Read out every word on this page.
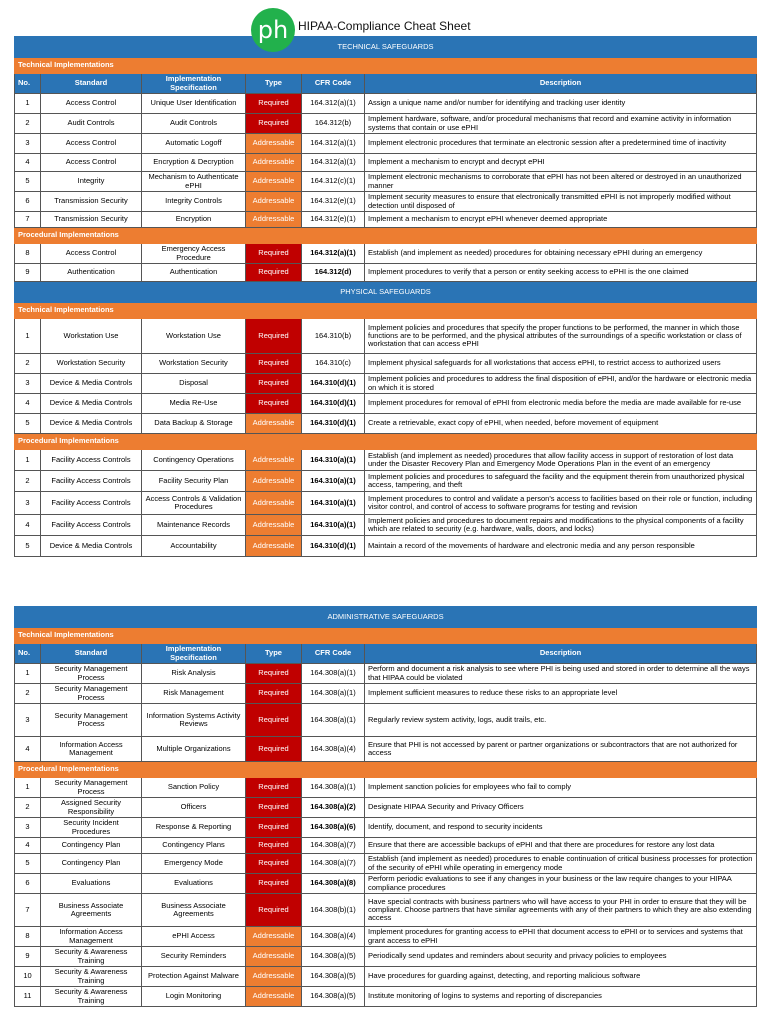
ph HIPAA-Compliance Cheat Sheet
TECHNICAL SAFEGUARDS					
Technical Implementations					
No.	Standard	Implementation Specification	Type	CFR Code	Description
1	Access Control	Unique User Identification	Required	164.312(a)(1)	Assign a unique name and/or number for identifying and tracking user identity
2	Audit Controls	Audit Controls	Required	164.312(b)	Implement hardware, software, and/or procedural mechanisms that record and examine activity in information systems that contain or use ePHI
3	Access Control	Automatic Logoff	Addressable	164.312(a)(1)	Implement electronic procedures that terminate an electronic session after a predetermined time of inactivity
4	Access Control	Encryption & Decryption	Addressable	164.312(a)(1)	Implement a mechanism to encrypt and decrypt ePHI
5	Integrity	Mechanism to Authenticate ePHI	Addressable	164.312(c)(1)	Implement electronic mechanisms to corroborate that ePHI has not been altered or destroyed in an unauthorized manner
6	Transmission Security	Integrity Controls	Addressable	164.312(e)(1)	Implement security measures to ensure that electronically transmitted ePHI is not improperly modified without detection until disposed of
7	Transmission Security	Encryption	Addressable	164.312(e)(1)	Implement a mechanism to encrypt ePHI whenever deemed appropriate
Procedural Implementations					
8	Access Control	Emergency Access Procedure	Required	164.312(a)(1)	Establish (and implement as needed) procedures for obtaining necessary ePHI during an emergency
9	Authentication	Authentication	Required	164.312(d)	Implement procedures to verify that a person or entity seeking access to ePHI is the one claimed
PHYSICAL SAFEGUARDS					
Technical Implementations					
1	Workstation Use	Workstation Use	Required	164.310(b)	Implement policies and procedures that specify the proper functions to be performed, the manner in which those functions are to be performed, and the physical attributes of the surroundings of a specific workstation or class of workstation that can access ePHI
2	Workstation Security	Workstation Security	Required	164.310(c)	Implement physical safeguards for all workstations that access ePHI, to restrict access to authorized users
3	Device & Media Controls	Disposal	Required	164.310(d)(1)	Implement policies and procedures to address the final disposition of ePHI, and/or the hardware or electronic media on which it is stored
4	Device & Media Controls	Media Re-Use	Required	164.310(d)(1)	Implement procedures for removal of ePHI from electronic media before the media are made available for re-use
5	Device & Media Controls	Data Backup & Storage	Addressable	164.310(d)(1)	Create a retrievable, exact copy of ePHI, when needed, before movement of equipment
Procedural Implementations					
1	Facility Access Controls	Contingency Operations	Addressable	164.310(a)(1)	Establish (and implement as needed) procedures that allow facility access in support of restoration of lost data under the Disaster Recovery Plan and Emergency Mode Operations Plan in the event of an emergency
2	Facility Access Controls	Facility Security Plan	Addressable	164.310(a)(1)	Implement policies and procedures to safeguard the facility and the equipment therein from unauthorized physical access, tampering, and theft
3	Facility Access Controls	Access Controls & Validation Procedures	Addressable	164.310(a)(1)	Implement procedures to control and validate a person's access to facilities based on their role or function, including visitor control, and control of access to software programs for testing and revision
4	Facility Access Controls	Maintenance Records	Addressable	164.310(a)(1)	Implement policies and procedures to document repairs and modifications to the physical components of a facility which are related to security (e.g. hardware, walls, doors, and locks)
5	Device & Media Controls	Accountability	Addressable	164.310(d)(1)	Maintain a record of the movements of hardware and electronic media and any person responsible
ADMINISTRATIVE SAFEGUARDS					
Technical Implementations					
No.	Standard	Implementation Specification	Type	CFR Code	Description
1	Security Management Process	Risk Analysis	Required	164.308(a)(1)	Perform and document a risk analysis to see where PHI is being used and stored in order to determine all the ways that HIPAA could be violated
2	Security Management Process	Risk Management	Required	164.308(a)(1)	Implement sufficient measures to reduce these risks to an appropriate level
3	Security Management Process	Information Systems Activity Reviews	Required	164.308(a)(1)	Regularly review system activity, logs, audit trails, etc.
4	Information Access Management	Multiple Organizations	Required	164.308(a)(4)	Ensure that PHI is not accessed by parent or partner organizations or subcontractors that are not authorized for access
Procedural Implementations					
1	Security Management Process	Sanction Policy	Required	164.308(a)(1)	Implement sanction policies for employees who fail to comply
2	Assigned Security Responsibility	Officers	Required	164.308(a)(2)	Designate HIPAA Security and Privacy Officers
3	Security Incident Procedures	Response & Reporting	Required	164.308(a)(6)	Identify, document, and respond to security incidents
4	Contingency Plan	Contingency Plans	Required	164.308(a)(7)	Ensure that there are accessible backups of ePHI and that there are procedures for restore any lost data
5	Contingency Plan	Emergency Mode	Required	164.308(a)(7)	Establish (and implement as needed) procedures to enable continuation of critical business processes for protection of the security of ePHI while operating in emergency mode
6	Evaluations	Evaluations	Required	164.308(a)(8)	Perform periodic evaluations to see if any changes in your business or the law require changes to your HIPAA compliance procedures
7	Business Associate Agreements	Business Associate Agreements	Required	164.308(b)(1)	Have special contracts with business partners who will have access to your PHI in order to ensure that they will be compliant. Choose partners that have similar agreements with any of their partners to which they are also extending access
8	Information Access Management	ePHI Access	Addressable	164.308(a)(4)	Implement procedures for granting access to ePHI that document access to ePHI or to services and systems that grant access to ePHI
9	Security & Awareness Training	Security Reminders	Addressable	164.308(a)(5)	Periodically send updates and reminders about security and privacy policies to employees
10	Security & Awareness Training	Protection Against Malware	Addressable	164.308(a)(5)	Have procedures for guarding against, detecting, and reporting malicious software
11	Security & Awareness Training	Login Monitoring	Addressable	164.308(a)(5)	Institute monitoring of logins to systems and reporting of discrepancies
